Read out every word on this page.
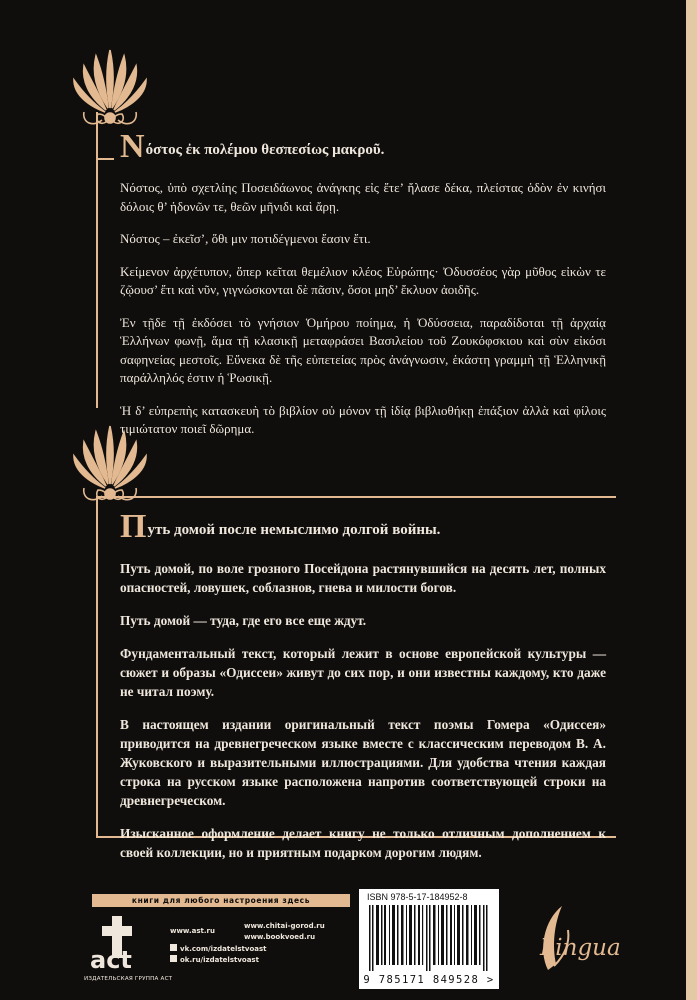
Nόστος ἐκ πολέμου θεσπεσίως μακροῦ.

Νόστος, ὑπὸ σχετλίης Ποσειδάωνος ἀνάγκης εἰς ἔτε’ ἤλασε δέκα, πλείστας ὁδὸν ἐν κινήσι δόλοις θ’ ἡδονῶν τε, θεῶν μῆνιδι καὶ ἄρῃ.

Νόστος – ἐκεῖσ’, ὅθι μιν ποτιδέγμενοι ἔασιν ἔτι.

Κείμενον ἀρχέτυπον, ὅπερ κεῖται θεμέλιον κλέος Εὐρώπης· Ὀδυσσέος γὰρ μῦθος εἰκὼν τε ζῷουσ’ ἔτι καὶ νῦν, γιγνώσκονται δὲ πᾶσιν, ὅσοι μηδ’ ἔκλυον ἀοιδῆς.

Ἐν τῇδε τῇ ἐκδόσει τὸ γνήσιον Ὁμήρου ποίημα, ἡ Ὀδύσσεια, παραδίδοται τῇ ἀρχαίᾳ Ἑλλήνων φωνῇ, ἅμα τῇ κλασικῇ μεταφράσει Βασιλείου τοῦ Ζουκόφσκιου καὶ σὺν εἰκόσι σαφηνείας μεστοῖς. Εὔνεκα δὲ τῆς εὐπετείας πρὸς ἀνάγνωσιν, ἑκάστη γραμμὴ τῇ Ἑλληνικῇ παράλληλός ἐστιν ἡ Ῥωσικῇ.

Ἡ δ’ εὐπρεπὴς κατασκευὴ τὸ βιβλίον οὐ μόνον τῇ ἰδίᾳ βιβλιοθήκῃ ἐπάξιον ἀλλὰ καὶ φίλοις τιμιώτατον ποιεῖ δῶρημα.

Путь домой после немыслимо долгой войны.

Путь домой, по воле грозного Посейдона растянувшийся на десять лет, полных опасностей, ловушек, соблазнов, гнева и милости богов.

Путь домой — туда, где его все еще ждут.

Фундаментальный текст, который лежит в основе европейской культуры — сюжет и образы «Одиссеи» живут до сих пор, и они известны каждому, кто даже не читал поэму.

В настоящем издании оригинальный текст поэмы Гомера «Одиссея» приводится на древнегреческом языке вместе с классическим переводом В. А. Жуковского и выразительными иллюстрациями. Для удобства чтения каждая строка на русском языке расположена напротив соответствующей строки на древнегреческом.

Изысканное оформление делает книгу не только отличным дополнением к своей коллекции, но и приятным подарком дорогим людям.

книги для любого настроения здесь
act
ИЗДАТЕЛЬСКАЯ ГРУППА АСТ
www.ast.ru
www.chitai-gorod.ru
www.bookvoed.ru
vk.com/izdatelstvoast
ok.ru/izdatelstvoast
ISBN 978-5-17-184952-8
9 785171 849528 >
Lingua
